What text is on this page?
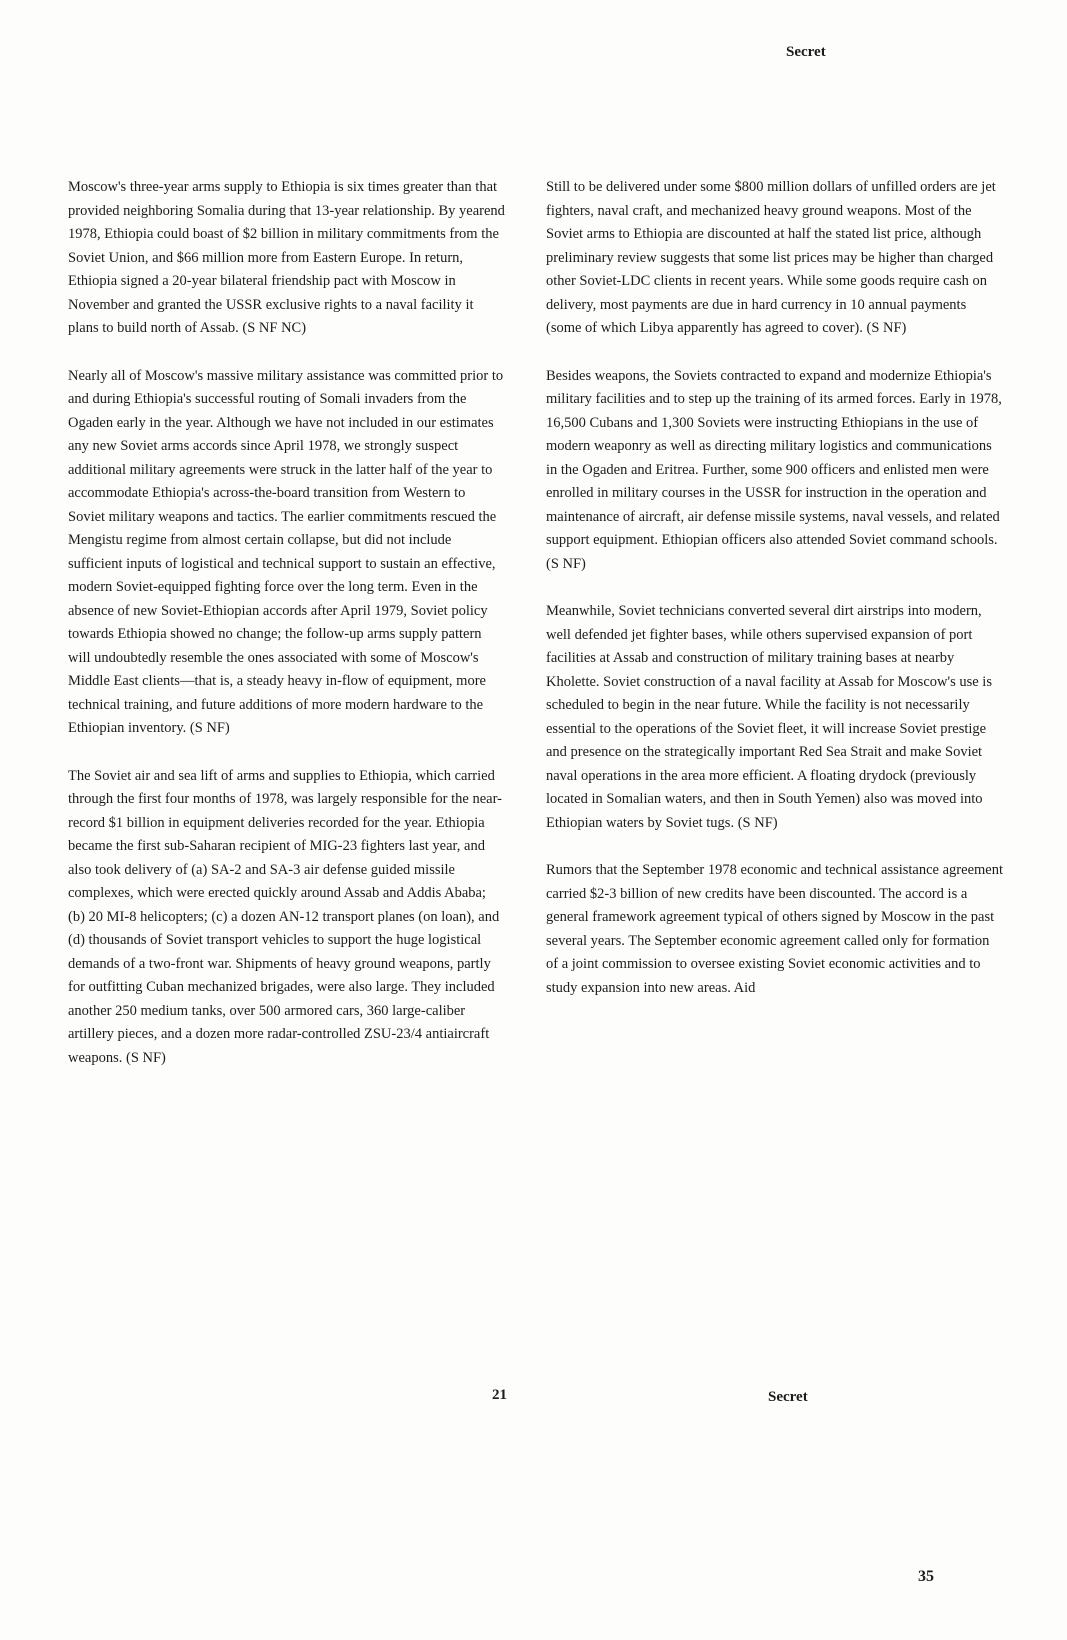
Secret

Moscow's three-year arms supply to Ethiopia is six times greater than that provided neighboring Somalia during that 13-year relationship. By yearend 1978, Ethiopia could boast of $2 billion in military commitments from the Soviet Union, and $66 million more from Eastern Europe. In return, Ethiopia signed a 20-year bilateral friendship pact with Moscow in November and granted the USSR exclusive rights to a naval facility it plans to build north of Assab. (S NF NC)

Nearly all of Moscow's massive military assistance was committed prior to and during Ethiopia's successful routing of Somali invaders from the Ogaden early in the year. Although we have not included in our estimates any new Soviet arms accords since April 1978, we strongly suspect additional military agreements were struck in the latter half of the year to accommodate Ethiopia's across-the-board transition from Western to Soviet military weapons and tactics. The earlier commitments rescued the Mengistu regime from almost certain collapse, but did not include sufficient inputs of logistical and technical support to sustain an effective, modern Soviet-equipped fighting force over the long term. Even in the absence of new Soviet-Ethiopian accords after April 1979, Soviet policy towards Ethiopia showed no change; the follow-up arms supply pattern will undoubtedly resemble the ones associated with some of Moscow's Middle East clients—that is, a steady heavy in-flow of equipment, more technical training, and future additions of more modern hardware to the Ethiopian inventory. (S NF)

The Soviet air and sea lift of arms and supplies to Ethiopia, which carried through the first four months of 1978, was largely responsible for the near-record $1 billion in equipment deliveries recorded for the year. Ethiopia became the first sub-Saharan recipient of MIG-23 fighters last year, and also took delivery of (a) SA-2 and SA-3 air defense guided missile complexes, which were erected quickly around Assab and Addis Ababa; (b) 20 MI-8 helicopters; (c) a dozen AN-12 transport planes (on loan), and (d) thousands of Soviet transport vehicles to support the huge logistical demands of a two-front war. Shipments of heavy ground weapons, partly for outfitting Cuban mechanized brigades, were also large. They included another 250 medium tanks, over 500 armored cars, 360 large-caliber artillery pieces, and a dozen more radar-controlled ZSU-23/4 antiaircraft weapons. (S NF)

Still to be delivered under some $800 million dollars of unfilled orders are jet fighters, naval craft, and mechanized heavy ground weapons. Most of the Soviet arms to Ethiopia are discounted at half the stated list price, although preliminary review suggests that some list prices may be higher than charged other Soviet-LDC clients in recent years. While some goods require cash on delivery, most payments are due in hard currency in 10 annual payments (some of which Libya apparently has agreed to cover). (S NF)

Besides weapons, the Soviets contracted to expand and modernize Ethiopia's military facilities and to step up the training of its armed forces. Early in 1978, 16,500 Cubans and 1,300 Soviets were instructing Ethiopians in the use of modern weaponry as well as directing military logistics and communications in the Ogaden and Eritrea. Further, some 900 officers and enlisted men were enrolled in military courses in the USSR for instruction in the operation and maintenance of aircraft, air defense missile systems, naval vessels, and related support equipment. Ethiopian officers also attended Soviet command schools. (S NF)

Meanwhile, Soviet technicians converted several dirt airstrips into modern, well defended jet fighter bases, while others supervised expansion of port facilities at Assab and construction of military training bases at nearby Kholette. Soviet construction of a naval facility at Assab for Moscow's use is scheduled to begin in the near future. While the facility is not necessarily essential to the operations of the Soviet fleet, it will increase Soviet prestige and presence on the strategically important Red Sea Strait and make Soviet naval operations in the area more efficient. A floating drydock (previously located in Somalian waters, and then in South Yemen) also was moved into Ethiopian waters by Soviet tugs. (S NF)

Rumors that the September 1978 economic and technical assistance agreement carried $2-3 billion of new credits have been discounted. The accord is a general framework agreement typical of others signed by Moscow in the past several years. The September economic agreement called only for formation of a joint commission to oversee existing Soviet economic activities and to study expansion into new areas. Aid

21	Secret
35
